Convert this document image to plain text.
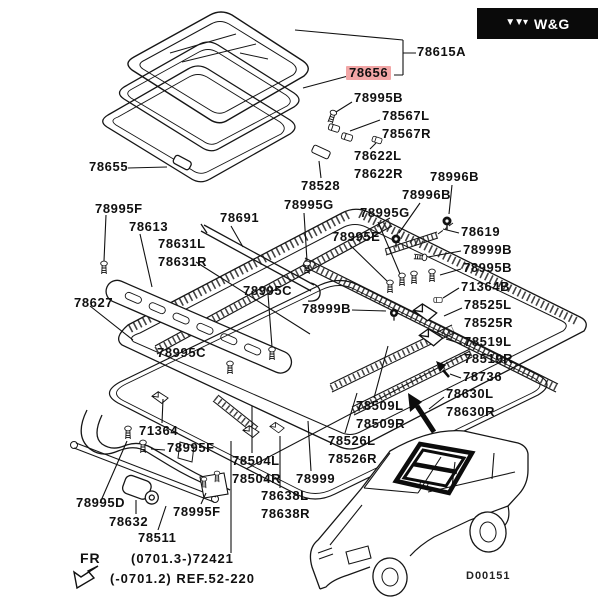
78615A
78656
78995B
78567L
78567R
78622L
78622R
78528
78655
78995F
78613
78691
78631L
78631R
78627
78995C
78995G
78995G
78995E
78996B
78996B
78619
78999B
78995B
71364B
78525L
78525R
78519L
78519R
78736
78999B
78995C
78630L
78630R
78509L
78509R
78526L
78526R
78999
71364
78995F
78504L
78504R
78638L
78638R
78995D
78632
78995F
78511
▼▼▾ W&G
FR (0701.3-)72421
(-0701.2) REF.52-220	D00151
